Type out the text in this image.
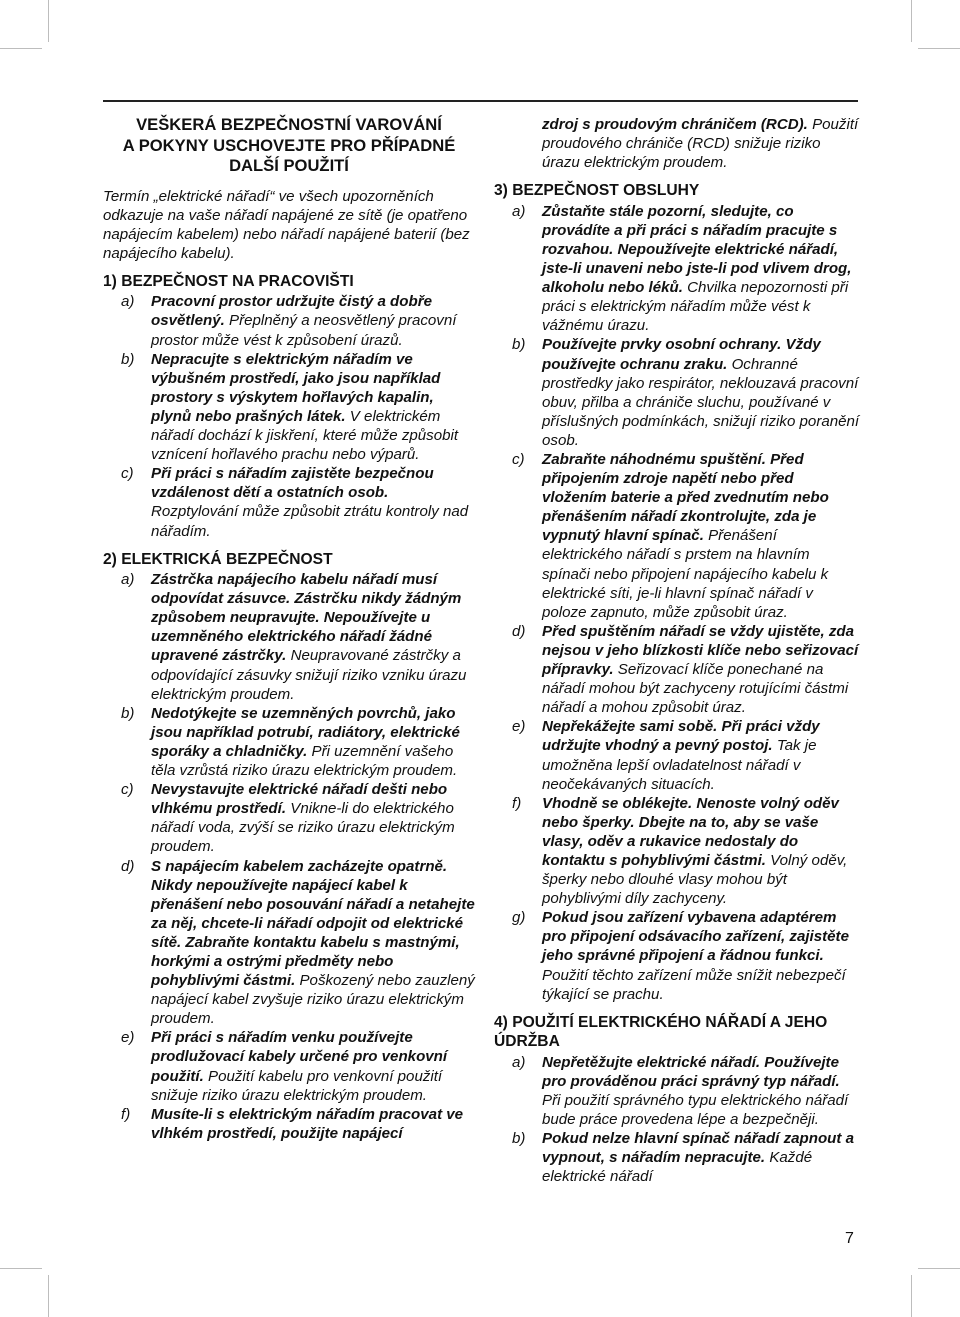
VEŠKERÁ BEZPEČNOSTNÍ VAROVÁNÍ
A POKYNY USCHOVEJTE PRO PŘÍPADNÉ
DALŠÍ POUŽITÍ

Termín „elektrické nářadí“ ve všech upozorněních odkazuje na vaše nářadí napájené ze sítě (je opatřeno napájecím kabelem) nebo nářadí napájené baterií (bez napájecího kabelu).

1) BEZPEČNOST NA PRACOVIŠTI

a) Pracovní prostor udržujte čistý a dobře osvětlený. Přeplněný a neosvětlený pracovní prostor může vést k způsobení úrazů.

b) Nepracujte s elektrickým nářadím ve výbušném prostředí, jako jsou například prostory s výskytem hořlavých kapalin, plynů nebo prašných látek. V elektrickém nářadí dochází k jiskření, které může způsobit vznícení hořlavého prachu nebo výparů.

c) Při práci s nářadím zajistěte bezpečnou vzdálenost dětí a ostatních osob. Rozptylování může způsobit ztrátu kontroly nad nářadím.

2) ELEKTRICKÁ BEZPEČNOST

a) Zástrčka napájecího kabelu nářadí musí odpovídat zásuvce. Zástrčku nikdy žádným způsobem neupravujte. Nepoužívejte u uzemněného elektrického nářadí žádné upravené zástrčky. Neupravované zástrčky a odpovídající zásuvky snižují riziko vzniku úrazu elektrickým proudem.

b) Nedotýkejte se uzemněných povrchů, jako jsou například potrubí, radiátory, elektrické sporáky a chladničky. Při uzemnění vašeho těla vzrůstá riziko úrazu elektrickým proudem.

c) Nevystavujte elektrické nářadí dešti nebo vlhkému prostředí. Vnikne-li do elektrického nářadí voda, zvýší se riziko úrazu elektrickým proudem.

d) S napájecím kabelem zacházejte opatrně. Nikdy nepoužívejte napájecí kabel k přenášení nebo posouvání nářadí a netahejte za něj, chcete-li nářadí odpojit od elektrické sítě. Zabraňte kontaktu kabelu s mastnými, horkými a ostrými předměty nebo pohyblivými částmi. Poškozený nebo zauzlený napájecí kabel zvyšuje riziko úrazu elektrickým proudem.

e) Při práci s nářadím venku používejte prodlužovací kabely určené pro venkovní použití. Použití kabelu pro venkovní použití snižuje riziko úrazu elektrickým proudem.

f) Musíte-li s elektrickým nářadím pracovat ve vlhkém prostředí, použijte napájecí

zdroj s proudovým chráničem (RCD). Použití proudového chrániče (RCD) snižuje riziko úrazu elektrickým proudem.

3) BEZPEČNOST OBSLUHY

a) Zůstaňte stále pozorní, sledujte, co provádíte a při práci s nářadím pracujte s rozvahou. Nepoužívejte elektrické nářadí, jste-li unaveni nebo jste-li pod vlivem drog, alkoholu nebo léků. Chvilka nepozornosti při práci s elektrickým nářadím může vést k vážnému úrazu.

b) Používejte prvky osobní ochrany. Vždy používejte ochranu zraku. Ochranné prostředky jako respirátor, neklouzavá pracovní obuv, přilba a chrániče sluchu, používané v příslušných podmínkách, snižují riziko poranění osob.

c) Zabraňte náhodnému spuštění. Před připojením zdroje napětí nebo před vložením baterie a před zvednutím nebo přenášením nářadí zkontrolujte, zda je vypnutý hlavní spínač. Přenášení elektrického nářadí s prstem na hlavním spínači nebo připojení napájecího kabelu k elektrické síti, je-li hlavní spínač nářadí v poloze zapnuto, může způsobit úraz.

d) Před spuštěním nářadí se vždy ujistěte, zda nejsou v jeho blízkosti klíče nebo seřizovací přípravky. Seřizovací klíče ponechané na nářadí mohou být zachyceny rotujícími částmi nářadí a mohou způsobit úraz.

e) Nepřekážejte sami sobě. Při práci vždy udržujte vhodný a pevný postoj. Tak je umožněna lepší ovladatelnost nářadí v neočekávaných situacích.

f) Vhodně se oblékejte. Nenoste volný oděv nebo šperky. Dbejte na to, aby se vaše vlasy, oděv a rukavice nedostaly do kontaktu s pohyblivými částmi. Volný oděv, šperky nebo dlouhé vlasy mohou být pohyblivými díly zachyceny.

g) Pokud jsou zařízení vybavena adaptérem pro připojení odsávacího zařízení, zajistěte jeho správné připojení a řádnou funkci. Použití těchto zařízení může snížit nebezpečí týkající se prachu.

4) POUŽITÍ ELEKTRICKÉHO NÁŘADÍ A JEHO ÚDRŽBA

a) Nepřetěžujte elektrické nářadí. Používejte pro prováděnou práci správný typ nářadí. Při použití správného typu elektrického nářadí bude práce provedena lépe a bezpečněji.

b) Pokud nelze hlavní spínač nářadí zapnout a vypnout, s nářadím nepracujte. Každé elektrické nářadí

7
